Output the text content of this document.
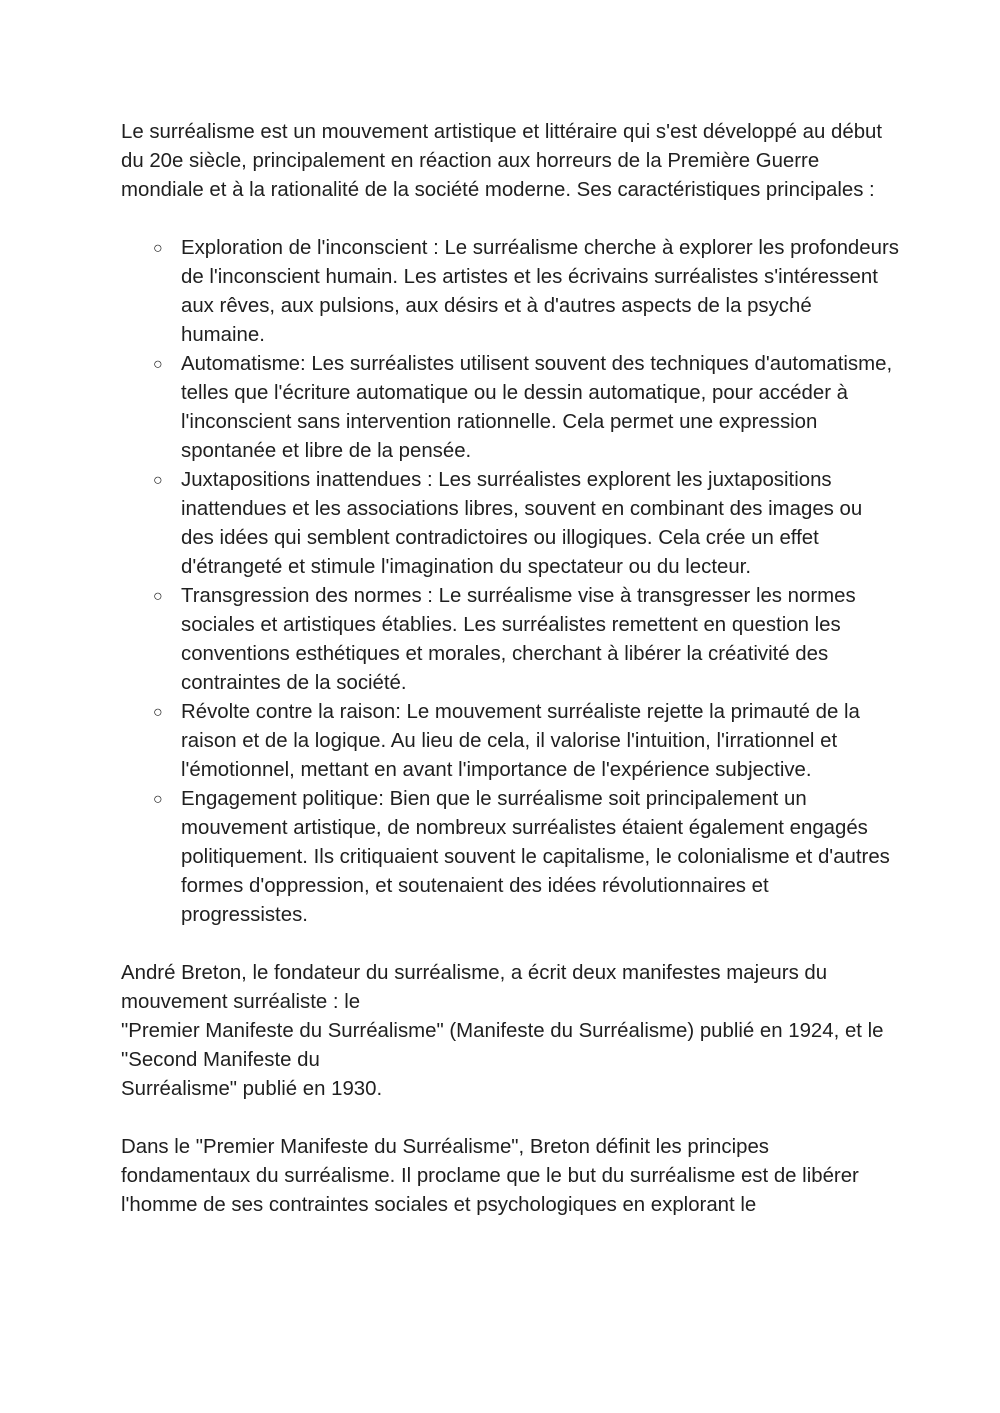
Le surréalisme est un mouvement artistique et littéraire qui s'est développé au début du 20e siècle, principalement en réaction aux horreurs de la Première Guerre mondiale et à la rationalité de la société moderne. Ses caractéristiques principales :

○ Exploration de l'inconscient : Le surréalisme cherche à explorer les profondeurs de l'inconscient humain. Les artistes et les écrivains surréalistes s'intéressent aux rêves, aux pulsions, aux désirs et à d'autres aspects de la psyché humaine.
○ Automatisme: Les surréalistes utilisent souvent des techniques d'automatisme, telles que l'écriture automatique ou le dessin automatique, pour accéder à l'inconscient sans intervention rationnelle. Cela permet une expression spontanée et libre de la pensée.
○ Juxtapositions inattendues : Les surréalistes explorent les juxtapositions inattendues et les associations libres, souvent en combinant des images ou des idées qui semblent contradictoires ou illogiques. Cela crée un effet d'étrangeté et stimule l'imagination du spectateur ou du lecteur.
○ Transgression des normes : Le surréalisme vise à transgresser les normes sociales et artistiques établies. Les surréalistes remettent en question les conventions esthétiques et morales, cherchant à libérer la créativité des contraintes de la société.
○ Révolte contre la raison: Le mouvement surréaliste rejette la primauté de la raison et de la logique. Au lieu de cela, il valorise l'intuition, l'irrationnel et l'émotionnel, mettant en avant l'importance de l'expérience subjective.
○ Engagement politique: Bien que le surréalisme soit principalement un mouvement artistique, de nombreux surréalistes étaient également engagés politiquement. Ils critiquaient souvent le capitalisme, le colonialisme et d'autres formes d'oppression, et soutenaient des idées révolutionnaires et progressistes.

André Breton, le fondateur du surréalisme, a écrit deux manifestes majeurs du mouvement surréaliste : le
"Premier Manifeste du Surréalisme" (Manifeste du Surréalisme) publié en 1924, et le "Second Manifeste du
Surréalisme" publié en 1930.

Dans le "Premier Manifeste du Surréalisme", Breton définit les principes fondamentaux du surréalisme. Il proclame que le but du surréalisme est de libérer l'homme de ses contraintes sociales et psychologiques en explorant le
